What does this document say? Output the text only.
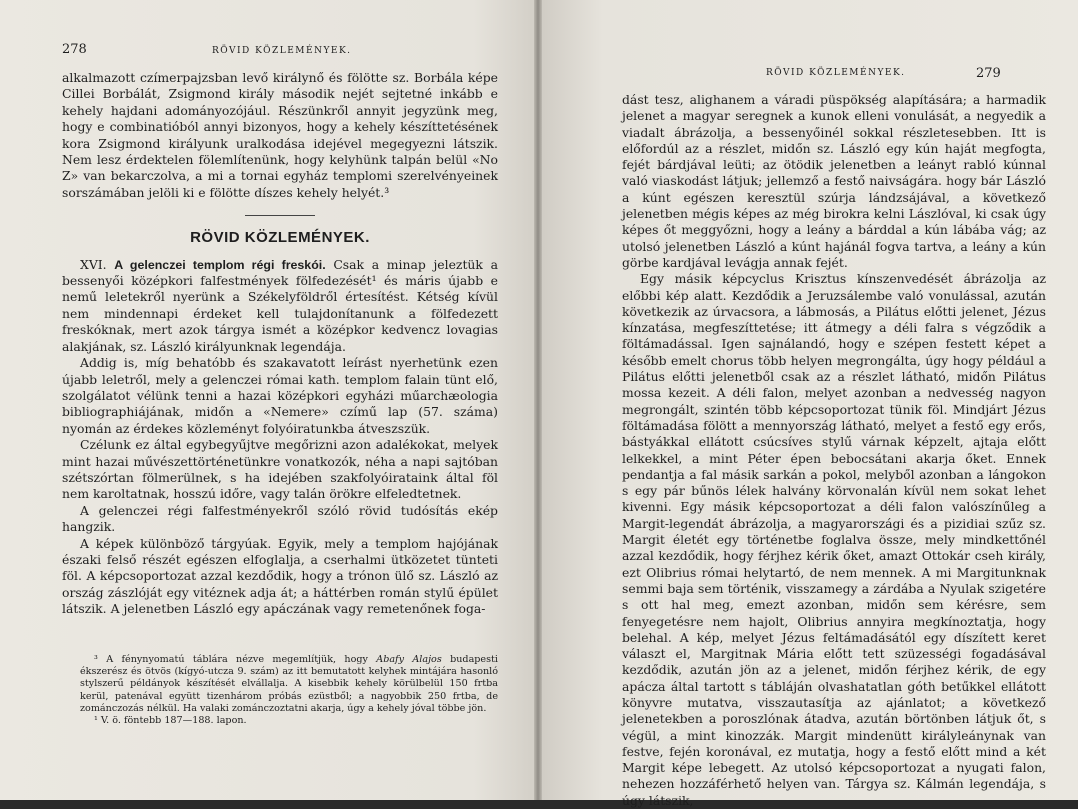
278	RÖVID KÖZLEMÉNYEK.

alkalmazott czímerpajzsban levő királynő és fölötte sz. Borbála képe Cillei Borbálát, Zsigmond király második nejét sejtetné inkább e kehely hajdani adományozójául. Részünkről annyit jegyzünk meg, hogy e combinatióból annyi bizonyos, hogy a kehely készíttetésének kora Zsigmond királyunk uralkodása idejével megegyezni látszik. Nem lesz érdektelen fölemlítenünk, hogy kelyhünk talpán belül «No Z» van bekarczolva, a mi a tornai egyház templomi szerelvényeinek sorszámában jelöli ki e fölötte díszes kehely helyét.³

RÖVID KÖZLEMÉNYEK.

XVI. A gelenczei templom régi freskói. Csak a minap jeleztük a bessenyői középkori falfestmények fölfedezését¹ és máris újabb e nemű leletekről nyerünk a Székelyföldről értesítést. Kétség kívül nem mindennapi érdeket kell tulajdonítanunk a fölfedezett freskóknak, mert azok tárgya ismét a középkor kedvencz lovagias alakjának, sz. László királyunknak legendája.

Addig is, míg behatóbb és szakavatott leírást nyerhetünk ezen újabb leletről, mely a gelenczei római kath. templom falain tünt elő, szolgálatot vélünk tenni a hazai középkori egyházi műarchæologia bibliographiájának, midőn a «Nemere» czímű lap (57. száma) nyomán az érdekes közleményt folyóiratunkba átveszszük.

Czélunk ez által egybegyűjtve megőrizni azon adalékokat, melyek mint hazai művészettörténetünkre vonatkozók, néha a napi sajtóban szétszórtan fölmerülnek, s ha idejében szakfolyóirataink által föl nem karoltatnak, hosszú időre, vagy talán örökre elfeledtetnek.

A gelenczei régi falfestményekről szóló rövid tudósítás ekép hangzik.

A képek különböző tárgyúak. Egyik, mely a templom hajójának északi felső részét egészen elfoglalja, a cserhalmi ütközetet tünteti föl. A képcsoportozat azzal kezdődik, hogy a trónon ülő sz. László az ország zászlóját egy vitéznek adja át; a háttérben román stylű épület látszik. A jelenetben László egy apáczának vagy remetenőnek foga-

³ A fénynyomatú táblára nézve megemlítjük, hogy Abafy Alajos budapesti ékszerész és ötvös (kígyó-utcza 9. szám) az itt bemutatott kelyhek mintájára hasonló stylszerű példányok készítését elvállalja. A kisebbik kehely körülbelül 150 frtba kerül, patenával együtt tizenhárom próbás ezüstből; a nagyobbik 250 frtba, de zománczozás nélkül. Ha valaki zománczoztatni akarja, úgy a kehely jóval többe jön.

¹ V. ö. föntebb 187—188. lapon.

RÖVID KÖZLEMÉNYEK.	279

dást tesz, alighanem a váradi püspökség alapítására; a harmadik jelenet a magyar seregnek a kunok elleni vonulását, a negyedik a viadalt ábrázolja, a bessenyőinél sokkal részletesebben. Itt is előfordúl az a részlet, midőn sz. László egy kún haját megfogta, fejét bárdjával leüti; az ötödik jelenetben a leányt rabló kúnnal való viaskodást látjuk; jellemző a festő naivságára. hogy bár László a kúnt egészen keresztül szúrja lándzsájával, a következő jelenetben mégis képes az még birokra kelni Lászlóval, ki csak úgy képes őt meggyőzni, hogy a leány a bárddal a kún lábába vág; az utolsó jelenetben László a kúnt hajánál fogva tartva, a leány a kún görbe kardjával levágja annak fejét.

Egy másik képcyclus Krisztus kínszenvedését ábrázolja az előbbi kép alatt. Kezdődik a Jeruzsálembe való vonulással, azután következik az úrvacsora, a lábmosás, a Pilátus előtti jelenet, Jézus kínzatása, megfeszíttetése; itt átmegy a déli falra s végződik a föltámadással. Igen sajnálandó, hogy e szépen festett képet a később emelt chorus több helyen megrongálta, úgy hogy például a Pilátus előtti jelenetből csak az a részlet látható, midőn Pilátus mossa kezeit. A déli falon, melyet azonban a nedvesség nagyon megrongált, szintén több képcsoportozat tünik föl. Mindjárt Jézus föltámadása fölött a mennyország látható, melyet a festő egy erős, bástyákkal ellátott csúcsíves stylű várnak képzelt, ajtaja előtt lelkekkel, a mint Péter épen bebocsátani akarja őket. Ennek pendantja a fal másik sarkán a pokol, melyből azonban a lángokon s egy pár bűnös lélek halvány körvonalán kívül nem sokat lehet kivenni. Egy másik képcsoportozat a déli falon valószínűleg a Margit-legendát ábrázolja, a magyarországi és a pizidiai szűz sz. Margit életét egy történetbe foglalva össze, mely mindkettőnél azzal kezdődik, hogy férjhez kérik őket, amazt Ottokár cseh király, ezt Olibrius római helytartó, de nem mennek. A mi Margitunknak semmi baja sem történik, visszamegy a zárdába a Nyulak szigetére s ott hal meg, emezt azonban, midőn sem kérésre, sem fenyegetésre nem hajolt, Olibrius annyira megkínoztatja, hogy belehal. A kép, melyet Jézus feltámadásától egy díszített keret választ el, Margitnak Mária előtt tett szüzességi fogadásával kezdődik, azután jön az a jelenet, midőn férjhez kérik, de egy apácza által tartott s tábláján olvashatatlan góth betűkkel ellátott könyvre mutatva, visszautasítja az ajánlatot; a következő jelenetekben a poroszlónak átadva, azután börtönben látjuk őt, s végül, a mint kinozzák. Margit mindenütt királyleánynak van festve, fején koronával, ez mutatja, hogy a festő előtt mind a két Margit képe lebegett. Az utolsó képcsoportozat a nyugati falon, nehezen hozzáférhető helyen van. Tárgya sz. Kálmán legendája, s úgy látszik,
